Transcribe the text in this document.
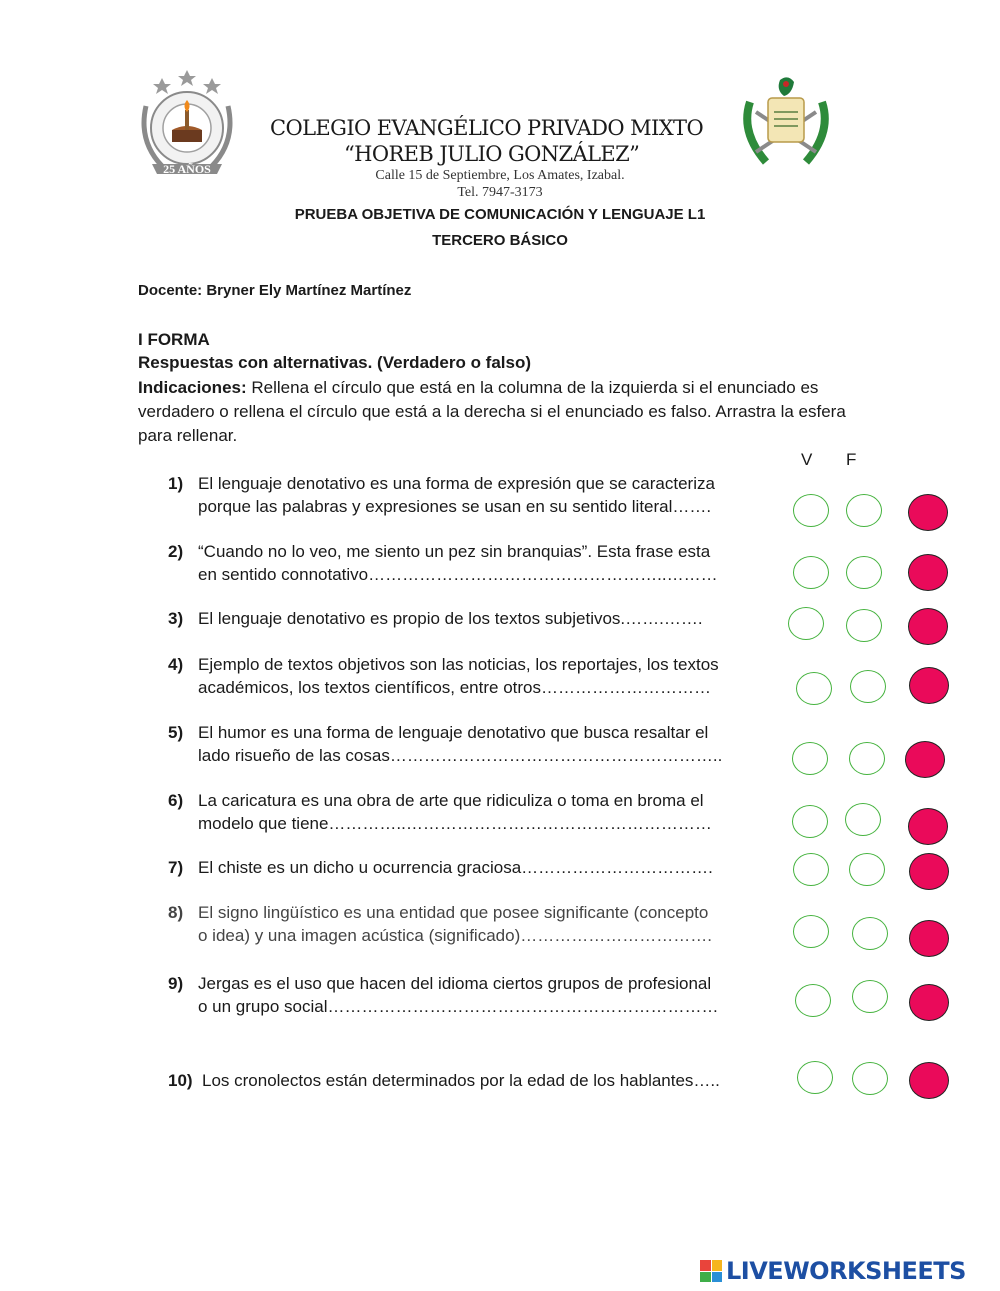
25 AÑOS
COLEGIO EVANGÉLICO PRIVADO MIXTO
“HOREB JULIO GONZÁLEZ”
Calle 15 de Septiembre, Los Amates, Izabal.
Tel. 7947-3173
PRUEBA OBJETIVA DE COMUNICACIÓN Y LENGUAJE L1
TERCERO BÁSICO
Docente: Bryner Ely Martínez Martínez
I FORMA
Respuestas con alternativas. (Verdadero o falso)
Indicaciones: Rellena el círculo que está en la columna de la izquierda si el enunciado es verdadero o rellena el círculo que está a la derecha si el enunciado es falso. Arrastra la esfera para rellenar.
V F
1) El lenguaje denotativo es una forma de expresión que se caracteriza
porque las palabras y expresiones se usan en su sentido literal…….
2) “Cuando no lo veo, me siento un pez sin branquias”. Esta frase esta
en sentido connotativo……………………………………………..………
3) El lenguaje denotativo es propio de los textos subjetivos.…….…….
4) Ejemplo de textos objetivos son las noticias, los reportajes, los textos
académicos, los textos científicos, entre otros…………………………
5) El humor es una forma de lenguaje denotativo que busca resaltar el
lado risueño de las cosas…………………………………………………..
6) La caricatura es una obra de arte que ridiculiza o toma en broma el
modelo que tiene…………..………………………………………………
7) El chiste es un dicho u ocurrencia graciosa…………………………….
8) El signo lingüístico es una entidad que posee significante (concepto
o idea) y una imagen acústica (significado)…………………………….
9) Jergas es el uso que hacen del idioma ciertos grupos de profesional
o un grupo social……………………………………………………………
10) Los cronolectos están determinados por la edad de los hablantes…..
LIVEWORKSHEETS
